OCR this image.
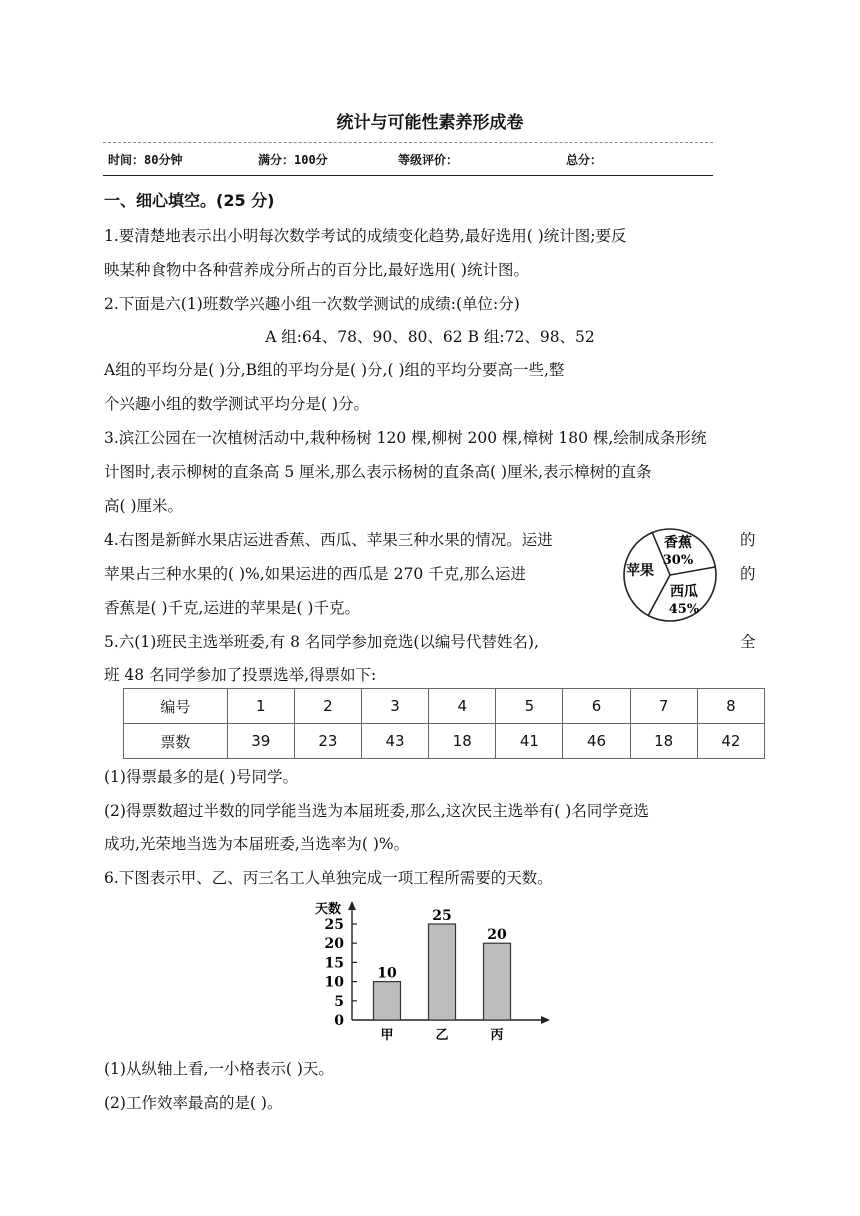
统计与可能性素养形成卷
时间：80分钟	满分：100分	等级评价：	总分：
一、细心填空。(25 分)
1.要清楚地表示出小明每次数学考试的成绩变化趋势,最好选用( )统计图;要反
映某种食物中各种营养成分所占的百分比,最好选用( )统计图。
2.下面是六(1)班数学兴趣小组一次数学测试的成绩:(单位:分)
A 组:64、78、90、80、62 B 组:72、98、52
A组的平均分是( )分,B组的平均分是( )分,( )组的平均分要高一些,整
个兴趣小组的数学测试平均分是( )分。
3.滨江公园在一次植树活动中,栽种杨树 120 棵,柳树 200 棵,樟树 180 棵,绘制成条形统
计图时,表示柳树的直条高 5 厘米,那么表示杨树的直条高( )厘米,表示樟树的直条
高( )厘米。
4.右图是新鲜水果店运进香蕉、西瓜、苹果三种水果的情况。运进	的
苹果占三种水果的( )%,如果运进的西瓜是 270 千克,那么运进	的
香蕉是( )千克,运进的苹果是( )千克。
香蕉
30%
苹果
西瓜
45%
5.六(1)班民主选举班委,有 8 名同学参加竞选(以编号代替姓名),	全
班 48 名同学参加了投票选举,得票如下:
编号	1	2	3	4	5	6	7	8
票数	39	23	43	18	41	46	18	42
(1)得票最多的是( )号同学。
(2)得票数超过半数的同学能当选为本届班委,那么,这次民主选举有( )名同学竞选
成功,光荣地当选为本届班委,当选率为( )%。
6.下图表示甲、乙、丙三名工人单独完成一项工程所需要的天数。
天数
0
5
10
15
20
25
10
甲
25
乙
20
丙
(1)从纵轴上看,一小格表示( )天。
(2)工作效率最高的是( )。
